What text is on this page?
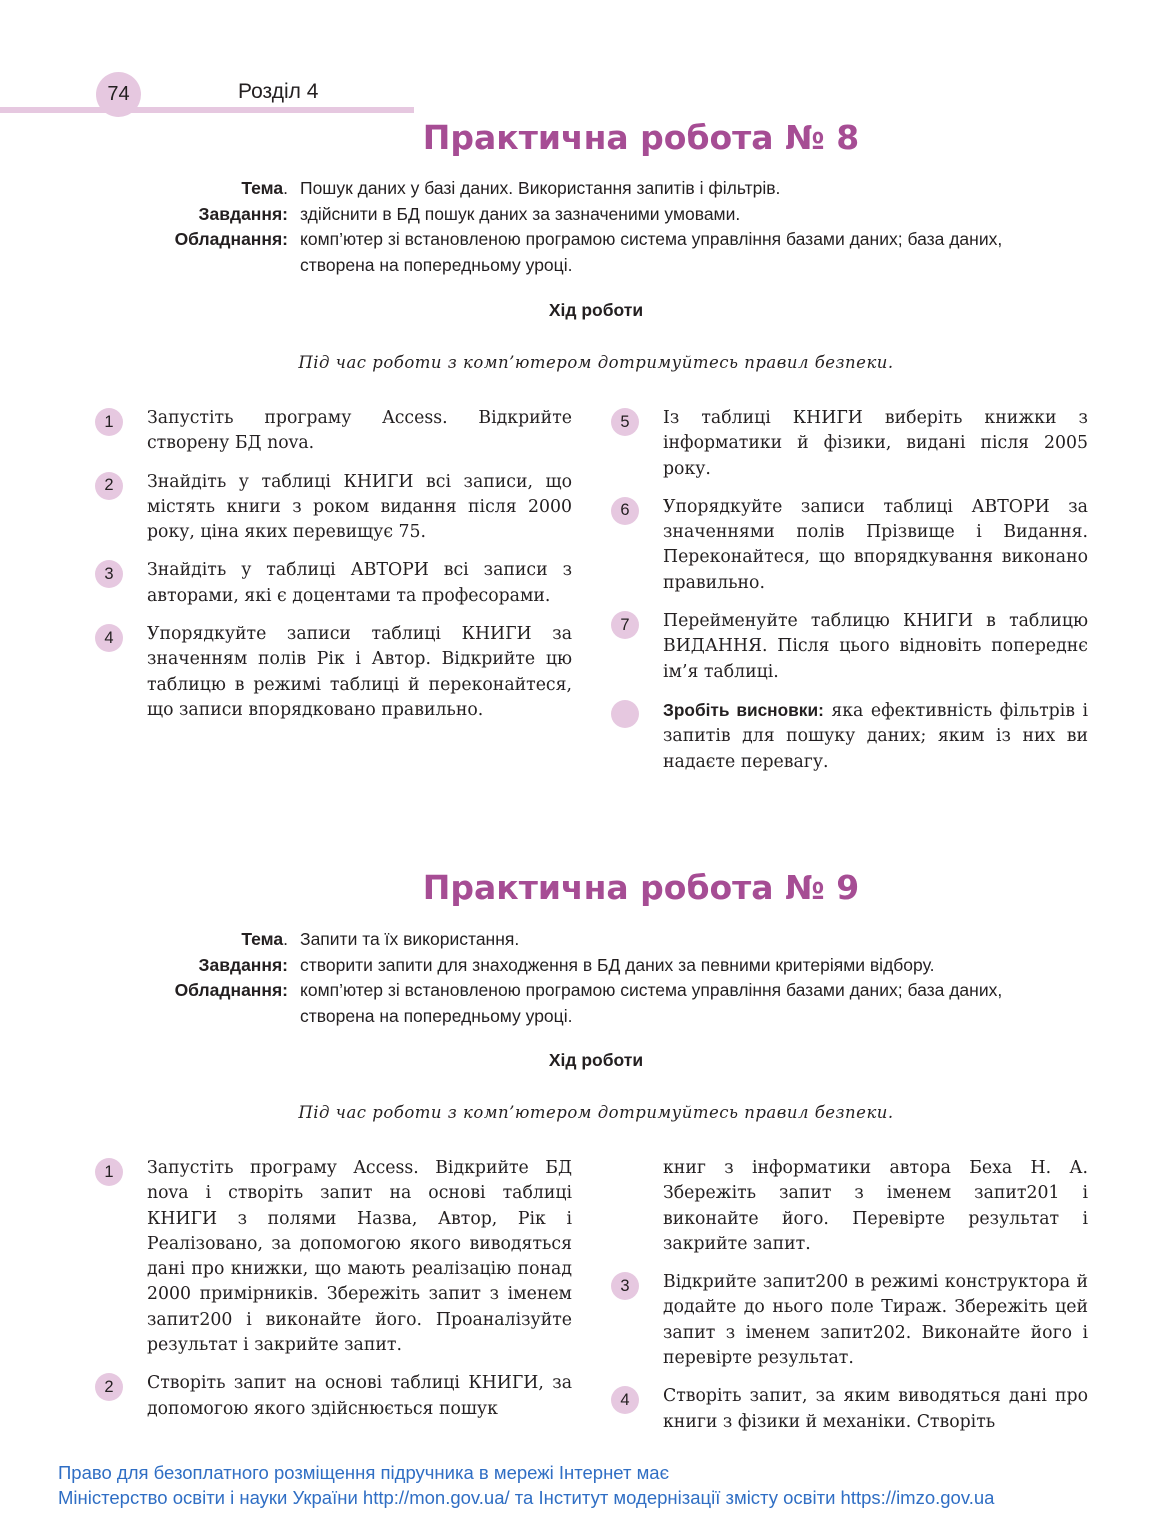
74	Розділ 4
Практична робота № 8
Тема. Пошук даних у базі даних. Використання запитів і фільтрів.
Завдання: здійснити в БД пошук даних за зазначеними умовами.
Обладнання: комп’ютер зі встановленою програмою система управління базами даних; база даних, створена на попередньому уроці.
Хід роботи
Під час роботи з комп’ютером дотримуйтесь правил безпеки.
1	Запустіть програму Access. Відкрийте створену БД nova.
2	Знайдіть у таблиці КНИГИ всі записи, що містять книги з роком видання після 2000 року, ціна яких перевищує 75.
3	Знайдіть у таблиці АВТОРИ всі записи з авторами, які є доцентами та професорами.
4	Упорядкуйте записи таблиці КНИГИ за значенням полів Рік і Автор. Відкрийте цю таблицю в режимі таблиці й переконайтеся, що записи впорядковано правильно.
5	Із таблиці КНИГИ виберіть книжки з інформатики й фізики, видані після 2005 року.
6	Упорядкуйте записи таблиці АВТОРИ за значеннями полів Прізвище і Видання. Переконайтеся, що впорядкування виконано правильно.
7	Перейменуйте таблицю КНИГИ в таблицю ВИДАННЯ. Після цього відновіть попереднє ім’я таблиці.
Зробіть висновки: яка ефективність фільтрів і запитів для пошуку даних; яким із них ви надаєте перевагу.
Практична робота № 9
Тема. Запити та їх використання.
Завдання: створити запити для знаходження в БД даних за певними критеріями відбору.
Обладнання: комп’ютер зі встановленою програмою система управління базами даних; база даних, створена на попередньому уроці.
Хід роботи
Під час роботи з комп’ютером дотримуйтесь правил безпеки.
1	Запустіть програму Access. Відкрийте БД nova і створіть запит на основі таблиці КНИГИ з полями Назва, Автор, Рік і Реалізовано, за допомогою якого виводяться дані про книжки, що мають реалізацію понад 2000 примірників. Збережіть запит з іменем запит200 і виконайте його. Проаналізуйте результат і закрийте запит.
2	Створіть запит на основі таблиці КНИГИ, за допомогою якого здійснюється пошук
книг з інформатики автора Беха Н. А. Збережіть запит з іменем запит201 і виконайте його. Перевірте результат і закрийте запит.
3	Відкрийте запит200 в режимі конструктора й додайте до нього поле Тираж. Збережіть цей запит з іменем запит202. Виконайте його і перевірте результат.
4	Створіть запит, за яким виводяться дані про книги з фізики й механіки. Створіть
Право для безоплатного розміщення підручника в мережі Інтернет має
Міністерство освіти і науки України http://mon.gov.ua/ та Інститут модернізації змісту освіти https://imzo.gov.ua
